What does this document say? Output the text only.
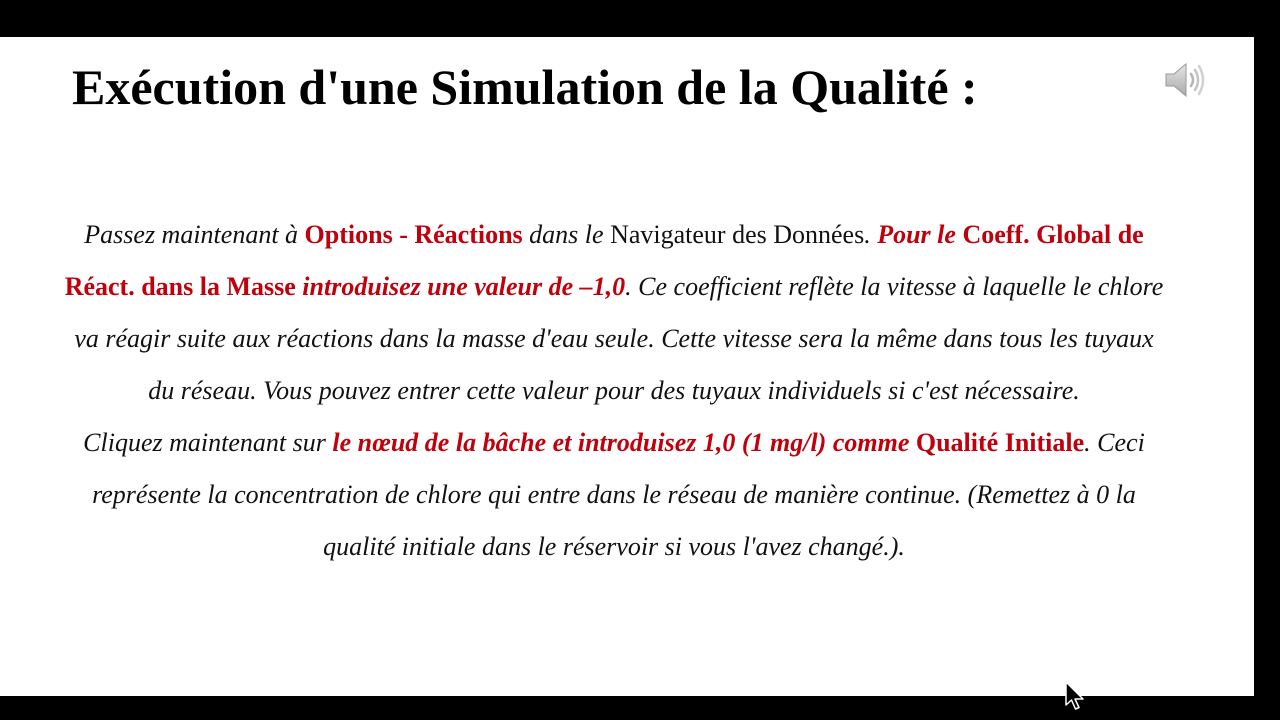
Exécution d'une Simulation de la Qualité :

Passez maintenant à Options - Réactions dans le Navigateur des Données. Pour le Coeff. Global de Réact. dans la Masse introduisez une valeur de –1,0. Ce coefficient reflète la vitesse à laquelle le chlore va réagir suite aux réactions dans la masse d'eau seule. Cette vitesse sera la même dans tous les tuyaux du réseau. Vous pouvez entrer cette valeur pour des tuyaux individuels si c'est nécessaire.

Cliquez maintenant sur le nœud de la bâche et introduisez 1,0 (1 mg/l) comme Qualité Initiale. Ceci représente la concentration de chlore qui entre dans le réseau de manière continue. (Remettez à 0 la qualité initiale dans le réservoir si vous l'avez changé.).
